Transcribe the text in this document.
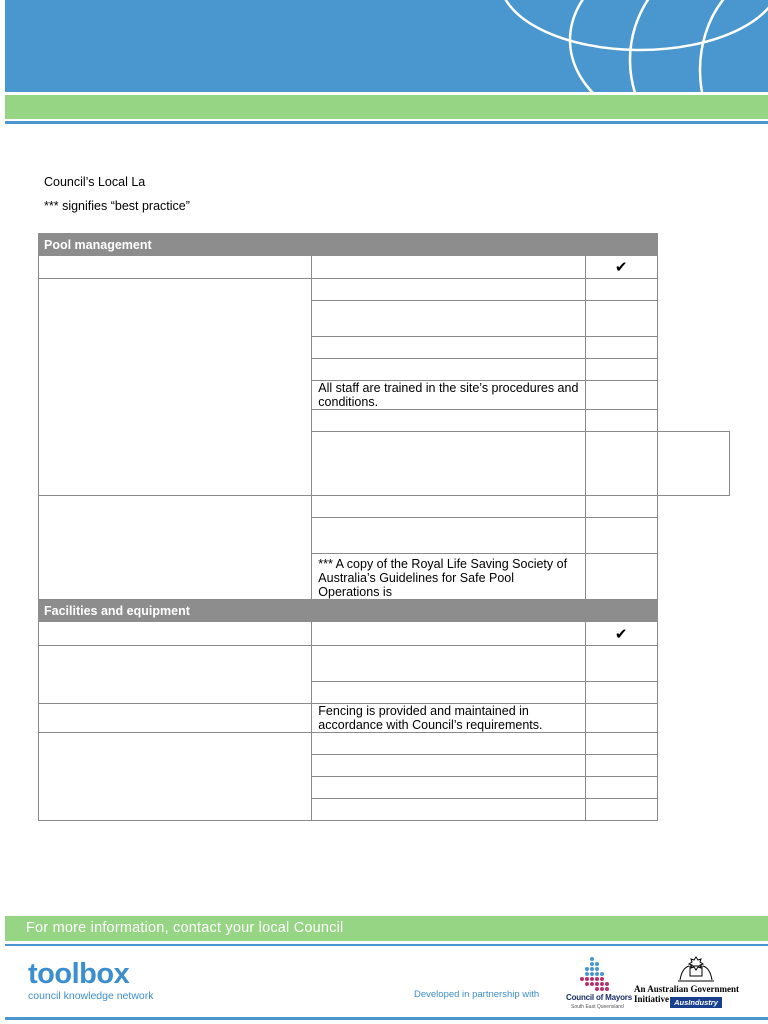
Council’s Local La
*** signifies “best practice”
Pool management			
		✔	

	All staff are trained in the site’s procedures and conditions.		

	*** A copy of the Royal Life Saving Society of Australia’s Guidelines for Safe Pool Operations is		
Facilities and equipment			
		✔	

	Fencing is provided and maintained in accordance with Council’s requirements.		

For more information, contact your local Council
toolbox
council knowledge network	Developed in partnership with	Council of Mayors
South East Queensland
An Australian Government Initiative AusIndustry
